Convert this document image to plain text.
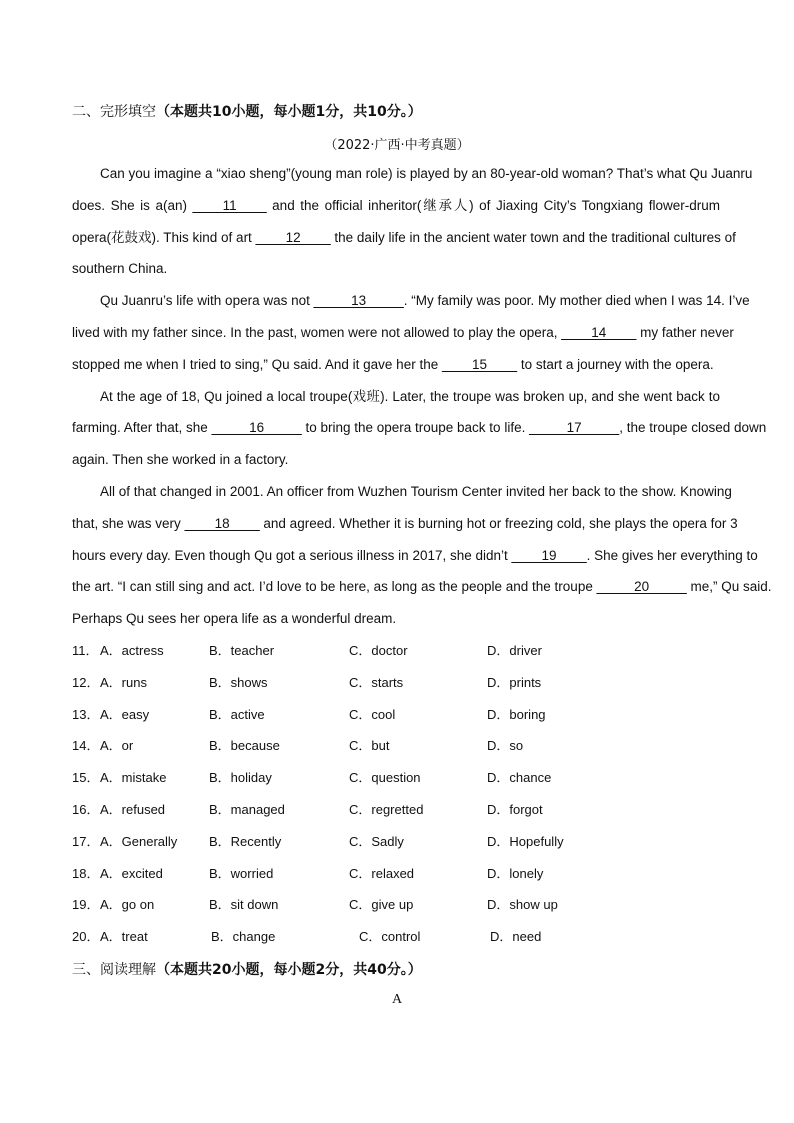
二、完形填空（本题共10小题，每小题1分，共10分。）
（2022·广西·中考真题）
Can you imagine a “xiao sheng”(young man role) is played by an 80-year-old woman? That’s what Qu Juanru
does. She is a(an) ____11____ and the official inheritor(继承人) of Jiaxing City’s Tongxiang flower-drum
opera(花鼓戏). This kind of art ____12____ the daily life in the ancient water town and the traditional cultures of
southern China.
Qu Juanru’s life with opera was not _____13_____. “My family was poor. My mother died when I was 14. I’ve
lived with my father since. In the past, women were not allowed to play the opera, ____14____ my father never
stopped me when I tried to sing,” Qu said. And it gave her the ____15____ to start a journey with the opera.
At the age of 18, Qu joined a local troupe(戏班). Later, the troupe was broken up, and she went back to
farming. After that, she _____16_____ to bring the opera troupe back to life. _____17_____, the troupe closed down
again. Then she worked in a factory.
All of that changed in 2001. An officer from Wuzhen Tourism Center invited her back to the show. Knowing
that, she was very ____18____ and agreed. Whether it is burning hot or freezing cold, she plays the opera for 3
hours every day. Even though Qu got a serious illness in 2017, she didn’t ____19____. She gives her everything to
the art. “I can still sing and act. I’d love to be here, as long as the people and the troupe _____20_____ me,” Qu said.
Perhaps Qu sees her opera life as a wonderful dream.
11． A．actress	B．teacher	C．doctor	D．driver
12． A．runs	B．shows	C．starts	D．prints
13． A．easy	B．active	C．cool	D．boring
14． A．or	B．because	C．but	D．so
15． A．mistake	B．holiday	C．question	D．chance
16． A．refused	B．managed	C．regretted	D．forgot
17． A．Generally B．Recently	C．Sadly	D．Hopefully
18． A．excited	B．worried	C．relaxed	D．lonely
19． A．go on	B．sit down	C．give up	D．show up
20． A．treat	B．change	C．control	D．need
三、阅读理解（本题共20小题，每小题2分，共40分。）
A
